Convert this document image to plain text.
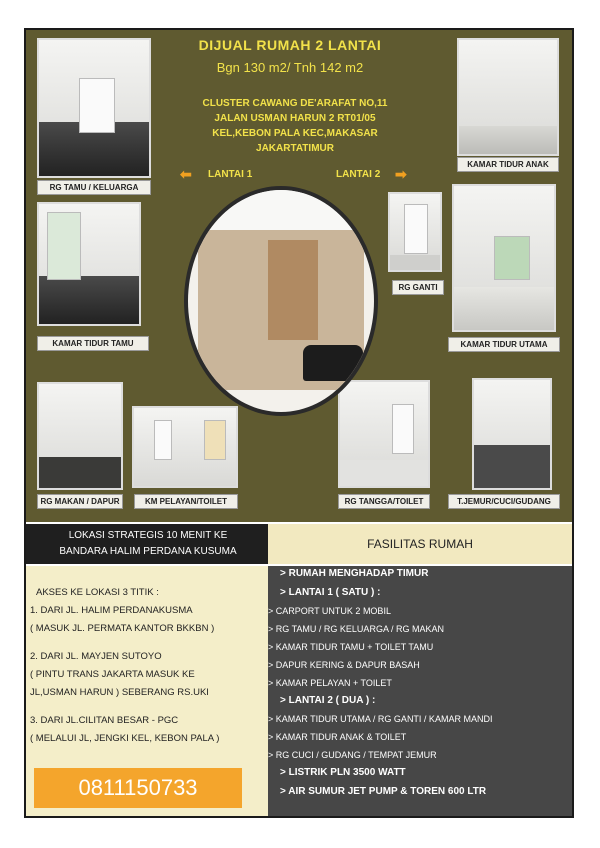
DIJUAL RUMAH 2 LANTAI
Bgn 130 m2/ Tnh 142 m2
CLUSTER CAWANG DE'ARAFAT NO,11
JALAN USMAN HARUN 2 RT01/05
KEL,KEBON PALA KEC,MAKASAR
JAKARTATIMUR
⬅ LANTAI 1	LANTAI 2 ➡
RG TAMU / KELUARGA
KAMAR TIDUR ANAK
KAMAR TIDUR TAMU
RG GANTI
KAMAR TIDUR UTAMA
RG MAKAN / DAPUR	KM PELAYAN/TOILET	RG TANGGA/TOILET	T.JEMUR/CUCI/GUDANG
LOKASI STRATEGIS 10 MENIT KE
BANDARA HALIM PERDANA KUSUMA
FASILITAS RUMAH
AKSES KE LOKASI 3 TITIK :
1. DARI JL. HALIM PERDANAKUSMA
( MASUK JL. PERMATA KANTOR BKKBN )
2. DARI JL. MAYJEN SUTOYO
( PINTU TRANS JAKARTA MASUK KE
JL,USMAN HARUN ) SEBERANG RS.UKI
3. DARI JL.CILITAN BESAR - PGC
( MELALUI JL, JENGKI KEL, KEBON PALA )
0811150733
> RUMAH MENGHADAP TIMUR
> LANTAI 1 ( SATU ) :
> CARPORT UNTUK 2 MOBIL
> RG TAMU / RG KELUARGA / RG MAKAN
> KAMAR TIDUR TAMU + TOILET TAMU
> DAPUR KERING & DAPUR BASAH
> KAMAR PELAYAN + TOILET
> LANTAI 2 ( DUA ) :
> KAMAR TIDUR UTAMA / RG GANTI / KAMAR MANDI
> KAMAR TIDUR ANAK & TOILET
> RG CUCI / GUDANG / TEMPAT JEMUR
> LISTRIK PLN 3500 WATT
> AIR SUMUR JET PUMP & TOREN 600 LTR
